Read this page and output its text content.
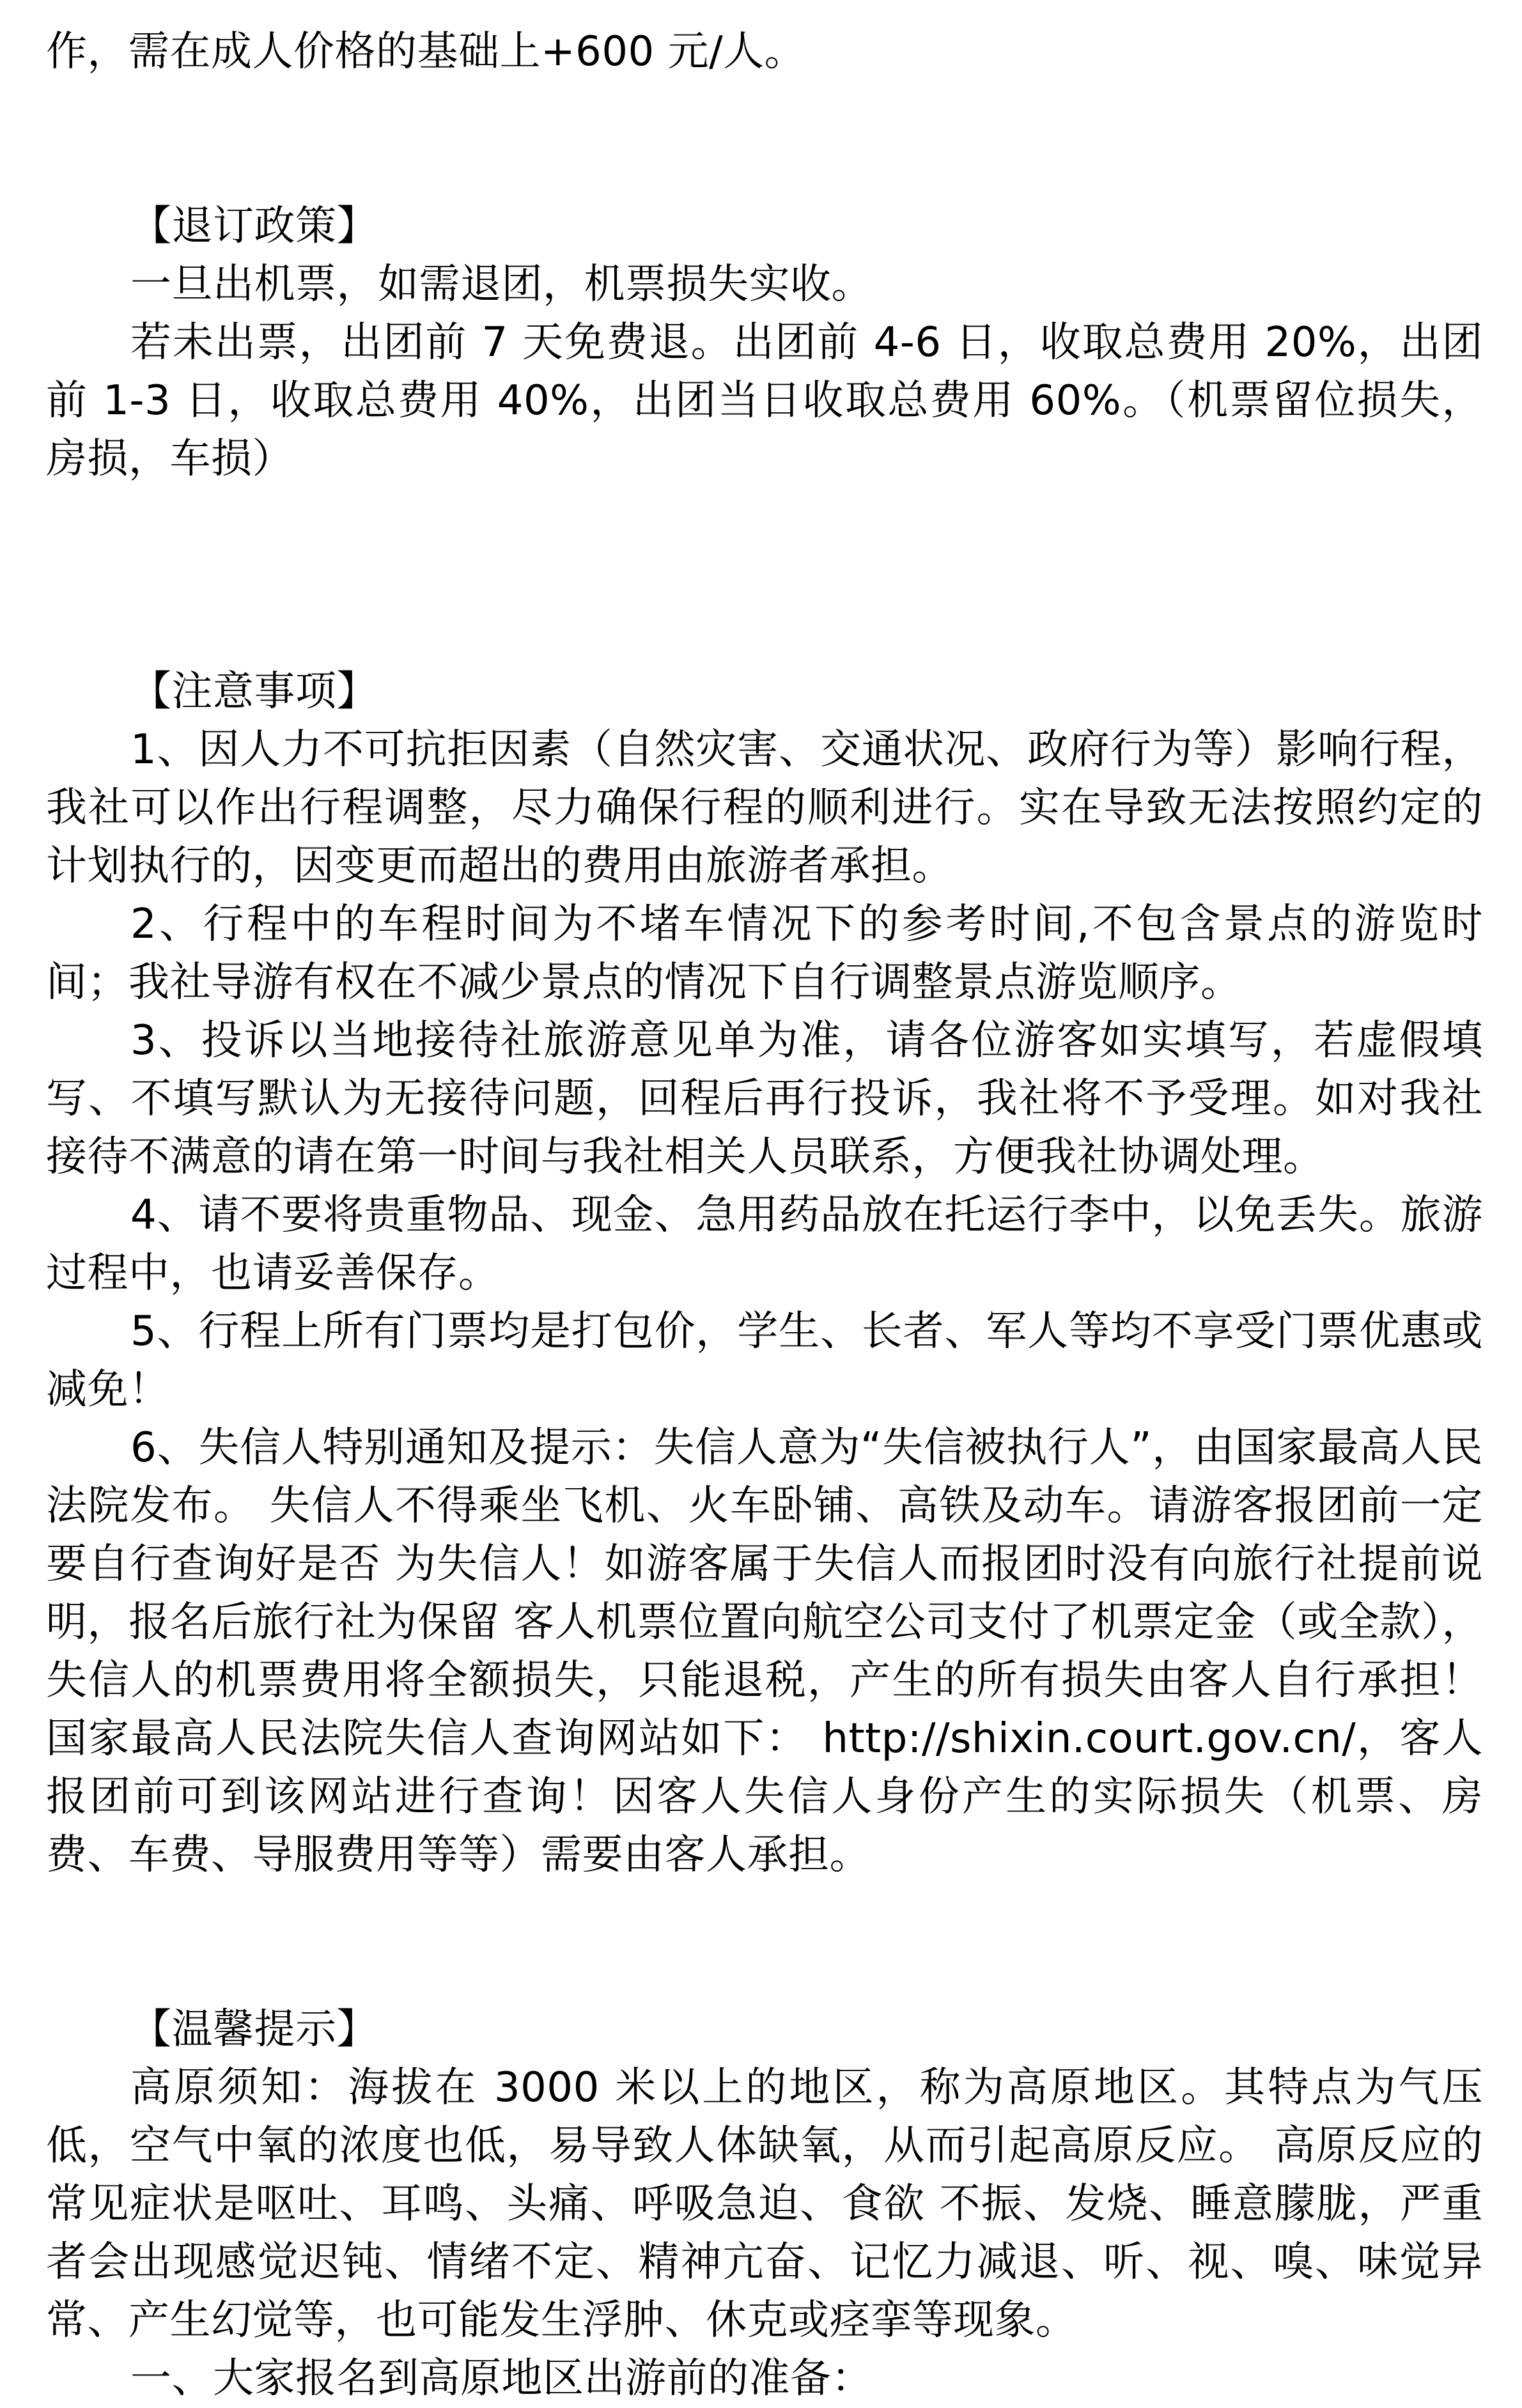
作，需在成人价格的基础上+600 元/人。

【退订政策】

一旦出机票，如需退团，机票损失实收。

若未出票，出团前 7 天免费退。出团前 4-6 日，收取总费用 20%，出团前 1-3 日，收取总费用 40%，出团当日收取总费用 60%。（机票留位损失，房损，车损）

【注意事项】

1、因人力不可抗拒因素（自然灾害、交通状况、政府行为等）影响行程，我社可以作出行程调整，尽力确保行程的顺利进行。实在导致无法按照约定的计划执行的，因变更而超出的费用由旅游者承担。

2、行程中的车程时间为不堵车情况下的参考时间,不包含景点的游览时间；我社导游有权在不减少景点的情况下自行调整景点游览顺序。

3、投诉以当地接待社旅游意见单为准，请各位游客如实填写，若虚假填写、不填写默认为无接待问题，回程后再行投诉，我社将不予受理。如对我社接待不满意的请在第一时间与我社相关人员联系，方便我社协调处理。

4、请不要将贵重物品、现金、急用药品放在托运行李中，以免丢失。旅游过程中，也请妥善保存。

5、行程上所有门票均是打包价，学生、长者、军人等均不享受门票优惠或减免！

6、失信人特别通知及提示：失信人意为“失信被执行人”，由国家最高人民法院发布。 失信人不得乘坐飞机、火车卧铺、高铁及动车。请游客报团前一定要自行查询好是否 为失信人！如游客属于失信人而报团时没有向旅行社提前说明，报名后旅行社为保留 客人机票位置向航空公司支付了机票定金（或全款），失信人的机票费用将全额损失，只能退税，产生的所有损失由客人自行承担！国家最高人民法院失信人查询网站如下： http://shixin.court.gov.cn/，客人报团前可到该网站进行查询！因客人失信人身份产生的实际损失（机票、房费、车费、导服费用等等）需要由客人承担。

【温馨提示】

高原须知：海拔在 3000 米以上的地区，称为高原地区。其特点为气压低，空气中氧的浓度也低，易导致人体缺氧，从而引起高原反应。 高原反应的常见症状是呕吐、耳鸣、头痛、呼吸急迫、食欲 不振、发烧、睡意朦胧，严重者会出现感觉迟钝、情绪不定、精神亢奋、记忆力减退、听、视、嗅、味觉异常、产生幻觉等，也可能发生浮肿、休克或痉挛等现象。

一、大家报名到高原地区出游前的准备：
